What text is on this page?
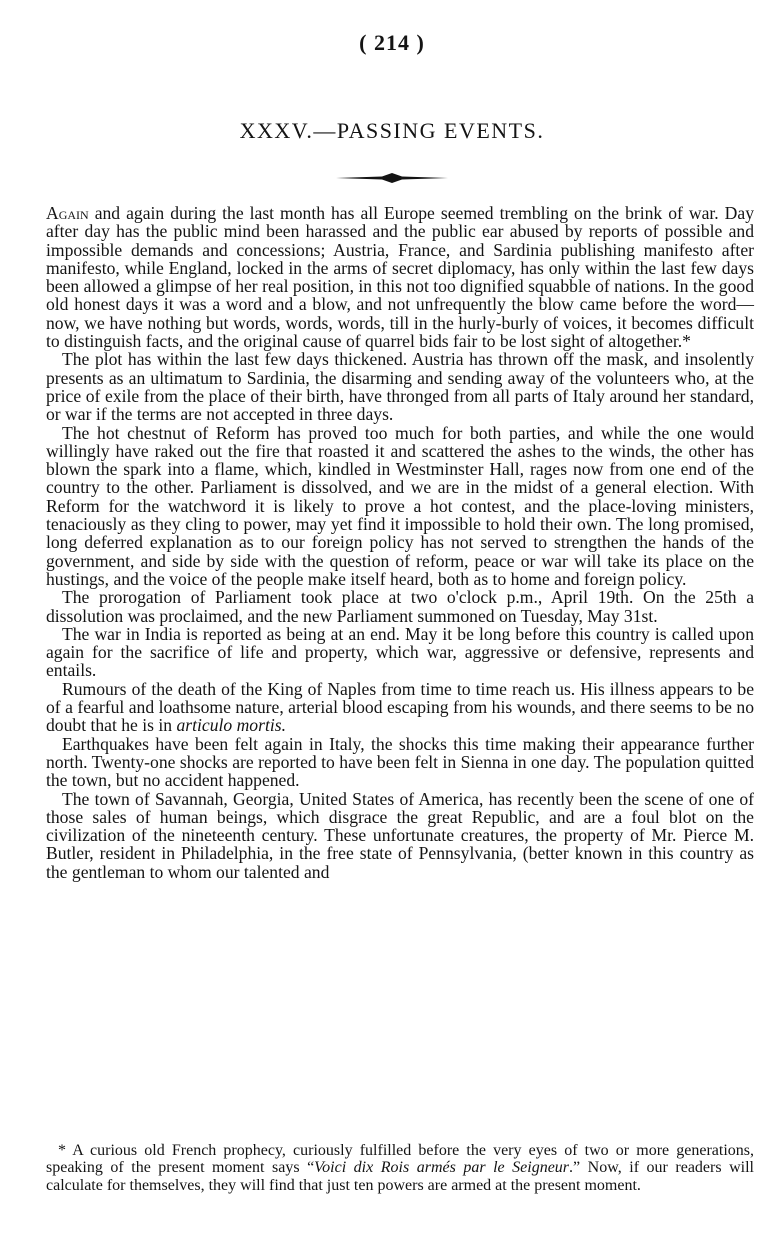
( 214 )
XXXV.—PASSING EVENTS.

Again and again during the last month has all Europe seemed trembling on the brink of war. Day after day has the public mind been harassed and the public ear abused by reports of possible and impossible demands and concessions; Austria, France, and Sardinia publishing manifesto after manifesto, while England, locked in the arms of secret diplomacy, has only within the last few days been allowed a glimpse of her real position, in this not too dignified squabble of nations. In the good old honest days it was a word and a blow, and not unfrequently the blow came before the word—now, we have nothing but words, words, words, till in the hurly-burly of voices, it becomes difficult to distinguish facts, and the original cause of quarrel bids fair to be lost sight of altogether.*

The plot has within the last few days thickened. Austria has thrown off the mask, and insolently presents as an ultimatum to Sardinia, the disarming and sending away of the volunteers who, at the price of exile from the place of their birth, have thronged from all parts of Italy around her standard, or war if the terms are not accepted in three days.

The hot chestnut of Reform has proved too much for both parties, and while the one would willingly have raked out the fire that roasted it and scattered the ashes to the winds, the other has blown the spark into a flame, which, kindled in Westminster Hall, rages now from one end of the country to the other. Parliament is dissolved, and we are in the midst of a general election. With Reform for the watchword it is likely to prove a hot contest, and the place-loving ministers, tenaciously as they cling to power, may yet find it impossible to hold their own. The long promised, long deferred explanation as to our foreign policy has not served to strengthen the hands of the government, and side by side with the question of reform, peace or war will take its place on the hustings, and the voice of the people make itself heard, both as to home and foreign policy.

The prorogation of Parliament took place at two o'clock p.m., April 19th. On the 25th a dissolution was proclaimed, and the new Parliament summoned on Tuesday, May 31st.

The war in India is reported as being at an end. May it be long before this country is called upon again for the sacrifice of life and property, which war, aggressive or defensive, represents and entails.

Rumours of the death of the King of Naples from time to time reach us. His illness appears to be of a fearful and loathsome nature, arterial blood escaping from his wounds, and there seems to be no doubt that he is in articulo mortis.

Earthquakes have been felt again in Italy, the shocks this time making their appearance further north. Twenty-one shocks are reported to have been felt in Sienna in one day. The population quitted the town, but no accident happened.

The town of Savannah, Georgia, United States of America, has recently been the scene of one of those sales of human beings, which disgrace the great Republic, and are a foul blot on the civilization of the nineteenth century. These unfortunate creatures, the property of Mr. Pierce M. Butler, resident in Philadelphia, in the free state of Pennsylvania, (better known in this country as the gentleman to whom our talented and

* A curious old French prophecy, curiously fulfilled before the very eyes of two or more generations, speaking of the present moment says “Voici dix Rois armés par le Seigneur.” Now, if our readers will calculate for themselves, they will find that just ten powers are armed at the present moment.
